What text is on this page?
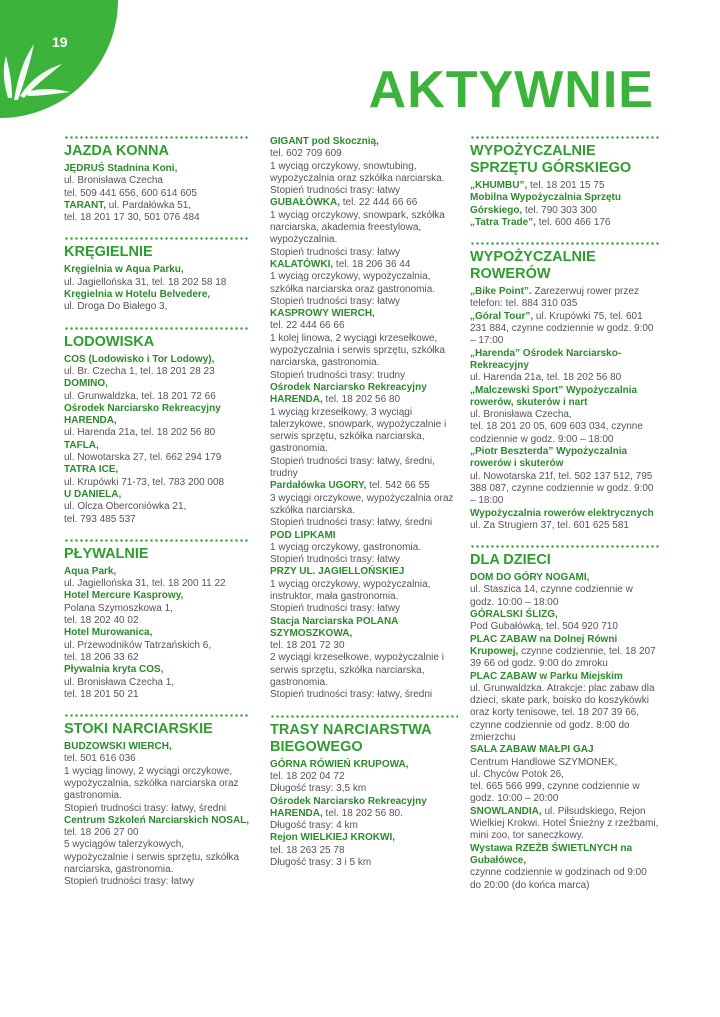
19
AKTYWNIE
JAZDA KONNA

JĘDRUŚ Stadnina Koni,

ul. Bronisława Czecha

tel. 509 441 656, 600 614 605

TARANT, ul. Pardałówka 51,

tel. 18 201 17 30, 501 076 484

KRĘGIELNIE

Kręgielnia w Aqua Parku,

ul. Jagiellońska 31, tel. 18 202 58 18

Kręgielnia w Hotelu Belvedere,

ul. Droga Do Białego 3,

LODOWISKA

COS (Lodowisko i Tor Lodowy),

ul. Br. Czecha 1, tel. 18 201 28 23

DOMINO,

ul. Grunwaldzka, tel. 18 201 72 66

Ośrodek Narciarsko Rekreacyjny HARENDA,

ul. Harenda 21a, tel. 18 202 56 80

TAFLA,

ul. Nowotarska 27, tel. 662 294 179

TATRA ICE,

ul. Krupówki 71-73, tel. 783 200 008

U DANIELA,

ul. Olcza Oberconiówka 21,

tel. 793 485 537

PŁYWALNIE

Aqua Park,

ul. Jagiellońska 31, tel. 18 200 11 22

Hotel Mercure Kasprowy,

Polana Szymoszkowa 1,

tel. 18 202 40 02

Hotel Murowanica,

ul. Przewodników Tatrzańskich 6,

tel. 18 206 33 62

Pływalnia kryta COS,

ul. Bronisława Czecha 1,

tel. 18 201 50 21

STOKI NARCIARSKIE

BUDZOWSKI WIERCH,

tel. 501 616 036

1 wyciąg linowy, 2 wyciągi orczykowe, wypożyczalnia, szkółka narciarska oraz gastronomia.

Stopień trudności trasy: łatwy, średni

Centrum Szkoleń Narciarskich NOSAL, tel. 18 206 27 00

5 wyciągów talerzykowych, wypożyczalnie i serwis sprzętu, szkółka narciarska, gastronomia.

Stopień trudności trasy: łatwy

GIGANT pod Skocznią,

tel. 602 709 609

1 wyciąg orczykowy, snowtubing, wypożyczalnia oraz szkółka narciarska.

Stopień trudności trasy: łatwy

GUBAŁÓWKA, tel. 22 444 66 66

1 wyciąg orczykowy, snowpark, szkółka narciarska, akademia freestylowa, wypożyczalnia.

Stopień trudności trasy: łatwy

KALATÓWKI, tel. 18 206 36 44

1 wyciąg orczykowy, wypożyczalnia, szkółka narciarska oraz gastronomia.

Stopień trudności trasy: łatwy

KASPROWY WIERCH,

tel. 22 444 66 66

1 kolej linowa, 2 wyciągi krzesełkowe, wypożyczalnia i serwis sprzętu, szkółka narciarska, gastronomia.

Stopień trudności trasy: trudny

Ośrodek Narciarsko Rekreacyjny HARENDA, tel. 18 202 56 80

1 wyciąg krzesełkowy, 3 wyciągi talerzykowe, snowpark, wypożyczalnie i serwis sprzętu, szkółka narciarska, gastronomia.

Stopień trudności trasy: łatwy, średni, trudny

Pardałówka UGORY, tel. 542 66 55

3 wyciągi orczykowe, wypożyczalnia oraz szkółka narciarska.

Stopień trudności trasy: łatwy, średni

POD LIPKAMI

1 wyciąg orczykowy, gastronomia.

Stopień trudności trasy: łatwy

PRZY UL. JAGIELLOŃSKIEJ

1 wyciąg orczykowy, wypożyczalnia, instruktor, mała gastronomia.

Stopień trudności trasy: łatwy

Stacja Narciarska POLANA SZYMOSZKOWA,

tel. 18 201 72 30

2 wyciągi krzesełkowe, wypożyczalnie i serwis sprzętu, szkółka narciarska, gastronomia.

Stopień trudności trasy: łatwy, średni

TRASY NARCIARSTWA BIEGOWEGO

GÓRNA RÓWIEŃ KRUPOWA,

tel. 18 202 04 72

Długość trasy: 3,5 km

Ośrodek Narciarsko Rekreacyjny HARENDA, tel. 18 202 56 80.

Długość trasy: 4 km

Rejon WIELKIEJ KROKWI,

tel. 18 263 25 78

Długość trasy: 3 i 5 km

WYPOŻYCZALNIE SPRZĘTU GÓRSKIEGO

„KHUMBU”, tel. 18 201 15 75

Mobilna Wypożyczalnia Sprzętu Górskiego, tel. 790 303 300

„Tatra Trade”, tel. 600 466 176

WYPOŻYCZALNIE ROWERÓW

„Bike Point”. Zarezerwuj rower przez telefon: tel. 884 310 035

„Góral Tour”, ul. Krupówki 75, tel. 601 231 884, czynne codziennie w godz. 9:00 – 17:00

„Harenda” Ośrodek Narciarsko-Rekreacyjny

ul. Harenda 21a, tel. 18 202 56 80

„Malczewski Sport” Wypożyczalnia rowerów, skuterów i nart

ul. Bronisława Czecha,

tel. 18 201 20 05, 609 603 034, czynne codziennie w godz. 9:00 – 18:00

„Piotr Beszterda” Wypożyczalnia rowerów i skuterów

ul. Nowotarska 21f, tel. 502 137 512, 795 388 087, czynne codziennie w godz. 9:00 – 18:00

Wypożyczalnia rowerów elektrycznych

ul. Za Strugiem 37, tel. 601 625 581

DLA DZIECI

DOM DO GÓRY NOGAMI,

ul. Staszica 14, czynne codziennie w godz. 10:00 – 18:00

GÓRALSKI ŚLIZG,

Pod Gubałówką, tel. 504 920 710

PLAC ZABAW na Dolnej Równi Krupowej, czynne codziennie, tel. 18 207 39 66 od godz. 9:00 do zmroku

PLAC ZABAW w Parku Miejskim

ul. Grunwaldzka. Atrakcje: plac zabaw dla dzieci, skate park, boisko do koszykówki oraz korty tenisowe, tel. 18 207 39 66, czynne codziennie od godz. 8:00 do zmierzchu

SALA ZABAW MAŁPI GAJ

Centrum Handlowe SZYMONEK,

ul. Chyców Potok 26,

tel. 665 566 999, czynne codziennie w godz. 10:00 – 20:00

SNOWLANDIA, ul. Piłsudskiego, Rejon Wielkiej Krokwi. Hotel Śnieżny z rzeźbami, mini zoo, tor saneczkowy.

Wystawa RZEŹB ŚWIETLNYCH na Gubałówce,

czynne codziennie w godzinach od 9:00 do 20:00 (do końca marca)
